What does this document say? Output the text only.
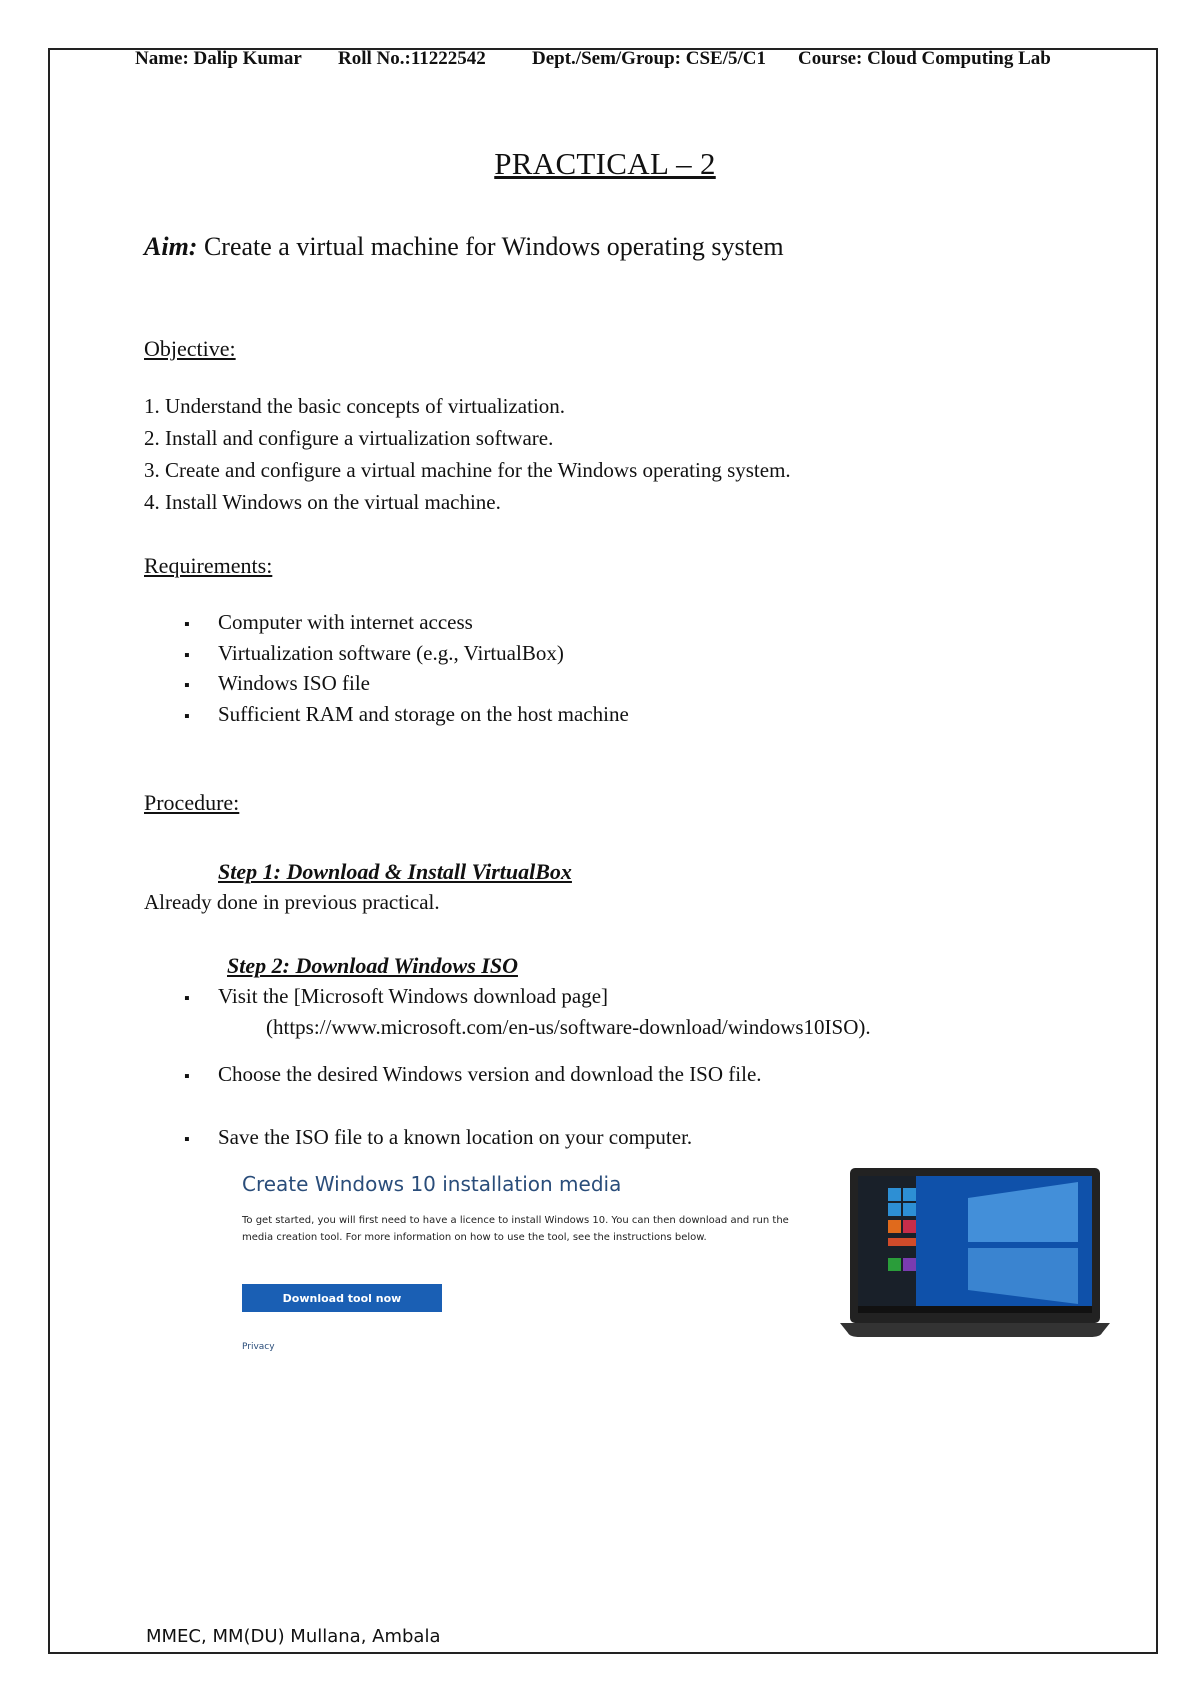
Name: Dalip Kumar Roll No.:11222542 Dept./Sem/Group: CSE/5/C1 Course: Cloud Computing Lab
PRACTICAL – 2
Aim: Create a virtual machine for Windows operating system
Objective:
1. Understand the basic concepts of virtualization.
2. Install and configure a virtualization software.
3. Create and configure a virtual machine for the Windows operating system.
4. Install Windows on the virtual machine.
Requirements:
▪ Computer with internet access
▪ Virtualization software (e.g., VirtualBox)
▪ Windows ISO file
▪ Sufficient RAM and storage on the host machine
Procedure:
Step 1: Download & Install VirtualBox
Already done in previous practical.
Step 2: Download Windows ISO
▪ Visit the [Microsoft Windows download page]
(https://www.microsoft.com/en-us/software-download/windows10ISO).
▪ Choose the desired Windows version and download the ISO file.
▪ Save the ISO file to a known location on your computer.
Create Windows 10 installation media
To get started, you will first need to have a licence to install Windows 10. You can then download and run the media creation tool. For more information on how to use the tool, see the instructions below.
Download tool now
Privacy
MMEC, MM(DU) Mullana, Ambala
